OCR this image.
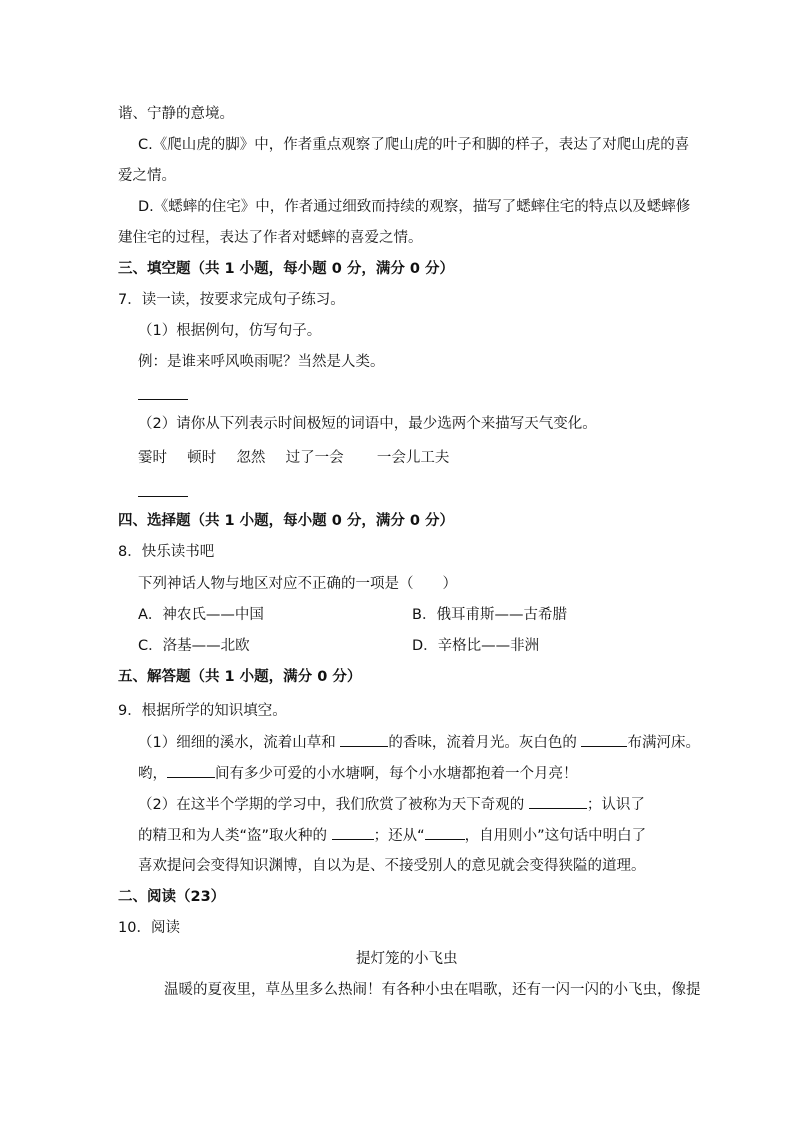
谐、宁静的意境。
C.《爬山虎的脚》中，作者重点观察了爬山虎的叶子和脚的样子，表达了对爬山虎的喜
爱之情。
D.《蟋蟀的住宅》中，作者通过细致而持续的观察，描写了蟋蟀住宅的特点以及蟋蟀修
建住宅的过程，表达了作者对蟋蟀的喜爱之情。
三、填空题（共 1 小题，每小题 0 分，满分 0 分）
7．读一读，按要求完成句子练习。
（1）根据例句，仿写句子。
例：是谁来呼风唤雨呢？当然是人类。
（2）请你从下列表示时间极短的词语中，最少选两个来描写天气变化。
霎时 顿时 忽然 过了一会 一会儿工夫
四、选择题（共 1 小题，每小题 0 分，满分 0 分）
8．快乐读书吧
下列神话人物与地区对应不正确的一项是（　　）
A．神农氏——中国	B．俄耳甫斯——古希腊
C．洛基——北欧	D．辛格比——非洲
五、解答题（共 1 小题，满分 0 分）
9．根据所学的知识填空。
（1）细细的溪水，流着山草和	的香味，流着月光。灰白色的	布满河床。
哟，	间有多少可爱的小水塘啊，每个小水塘都抱着一个月亮！
（2）在这半个学期的学习中，我们欣赏了被称为天下奇观的	；认识了
的精卫和为人类“盗”取火种的	；还从“	，自用则小”这句话中明白了
喜欢提问会变得知识渊博，自以为是、不接受别人的意见就会变得狭隘的道理。
二、阅读（23）
10．阅读
提灯笼的小飞虫
温暖的夏夜里，草丛里多么热闹！有各种小虫在唱歌，还有一闪一闪的小飞虫，像提
